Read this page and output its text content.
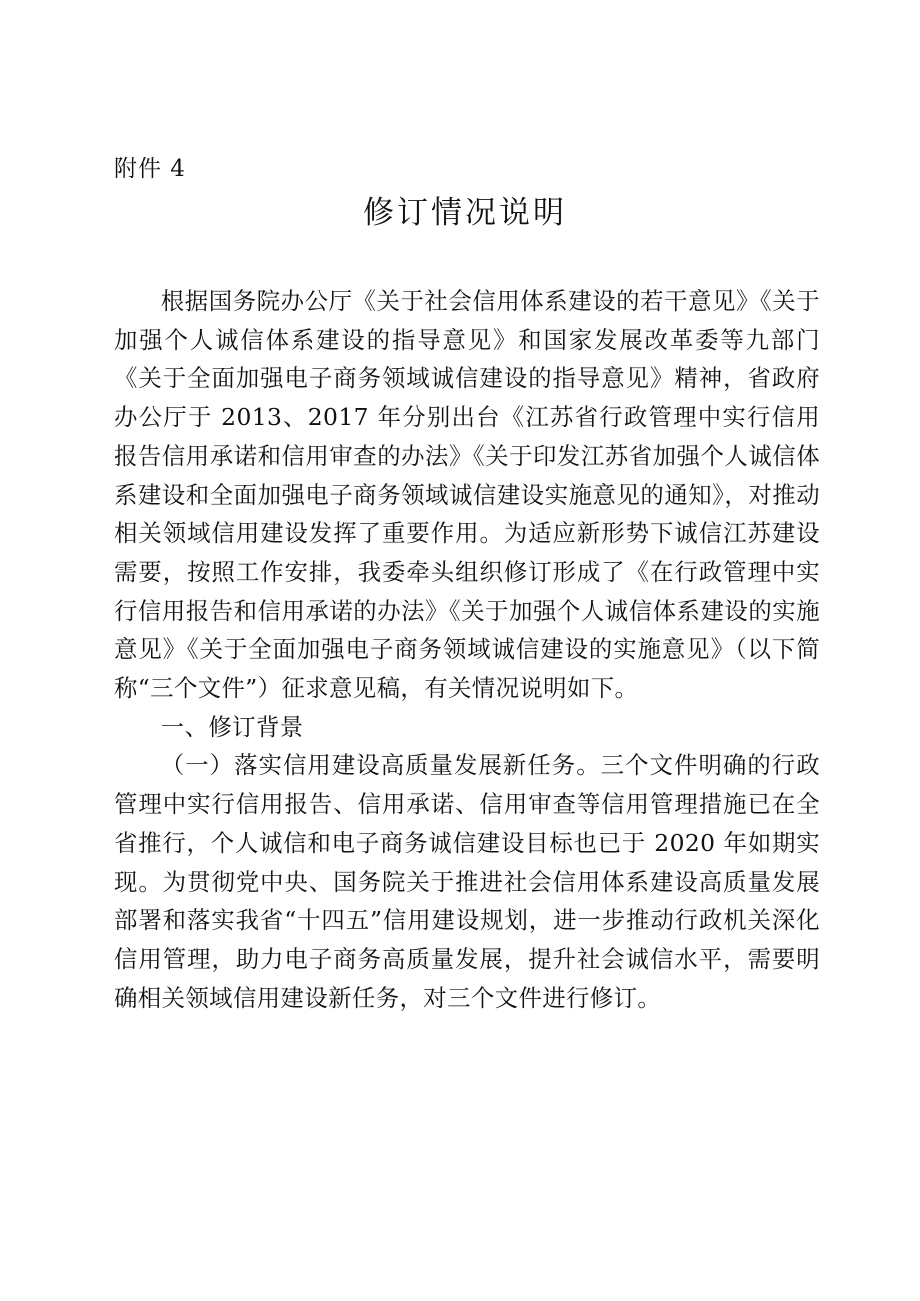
附件 4
修订情况说明

根据国务院办公厅《关于社会信用体系建设的若干意见》《关于加强个人诚信体系建设的指导意见》和国家发展改革委等九部门《关于全面加强电子商务领域诚信建设的指导意见》精神，省政府办公厅于 2013、2017 年分别出台《江苏省行政管理中实行信用报告信用承诺和信用审查的办法》《关于印发江苏省加强个人诚信体系建设和全面加强电子商务领域诚信建设实施意见的通知》，对推动相关领域信用建设发挥了重要作用。为适应新形势下诚信江苏建设需要，按照工作安排，我委牵头组织修订形成了《在行政管理中实行信用报告和信用承诺的办法》《关于加强个人诚信体系建设的实施意见》《关于全面加强电子商务领域诚信建设的实施意见》（以下简称“三个文件”）征求意见稿，有关情况说明如下。

一、修订背景

（一）落实信用建设高质量发展新任务。三个文件明确的行政管理中实行信用报告、信用承诺、信用审查等信用管理措施已在全省推行，个人诚信和电子商务诚信建设目标也已于 2020 年如期实现。为贯彻党中央、国务院关于推进社会信用体系建设高质量发展部署和落实我省“十四五”信用建设规划，进一步推动行政机关深化信用管理，助力电子商务高质量发展，提升社会诚信水平，需要明确相关领域信用建设新任务，对三个文件进行修订。
